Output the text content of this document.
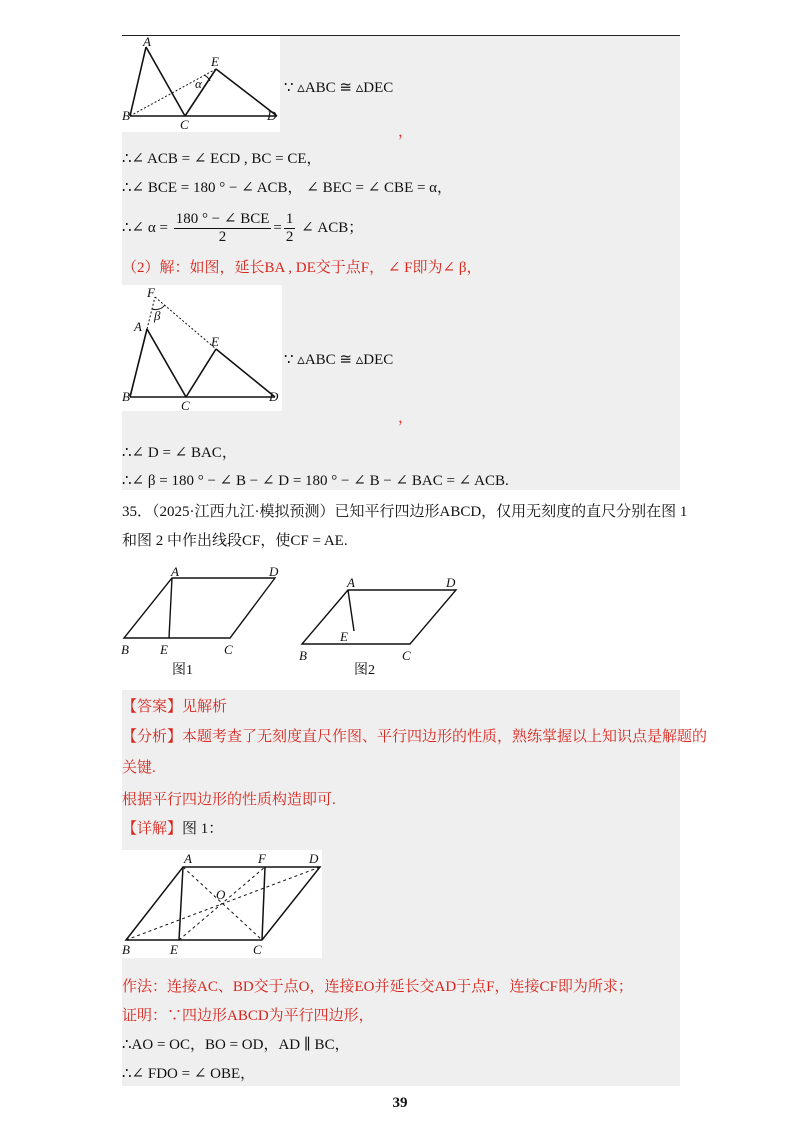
A
B
C
D
E
α	∵ ▵ABC ≅ ▵DEC
，
∴∠ ACB = ∠ ECD , BC = CE，
∴∠ BCE = 180 ° − ∠ ACB， ∠ BEC = ∠ CBE = α，
∴∠ $\alpha = \frac{\text{180 ° − ∠ BCE}}{2} = \frac{1}{2}$ ∠ ACB；
（2）解：如图，延长BA , DE交于点F， ∠ F即为∠ β，
F
β
A
B
C
D
E
∵ ▵ABC ≅ ▵DEC
，
∴∠ D = ∠ BAC，
∴∠ β = 180 ° − ∠ B − ∠ D = 180 ° − ∠ B − ∠ BAC = ∠ ACB.
35．（2025·江西九江·模拟预测）已知平行四边形ABCD，仅用无刻度的直尺分别在图 1
和图 2 中作出线段CF，使CF = AE.
A	D
B E	C
图1
A	D
B
E
C
图2
【答案】见解析
【分析】本题考查了无刻度直尺作图、平行四边形的性质，熟练掌握以上知识点是解题的
关键.
根据平行四边形的性质构造即可.
【详解】图 1：
A	F	D
O
B	E	C
作法：连接AC、BD交于点O，连接EO并延长交AD于点F，连接CF即为所求；
证明：∵四边形ABCD为平行四边形，
∴AO = OC，BO = OD，AD ∥ BC，
∴∠ FDO = ∠ OBE，
39
